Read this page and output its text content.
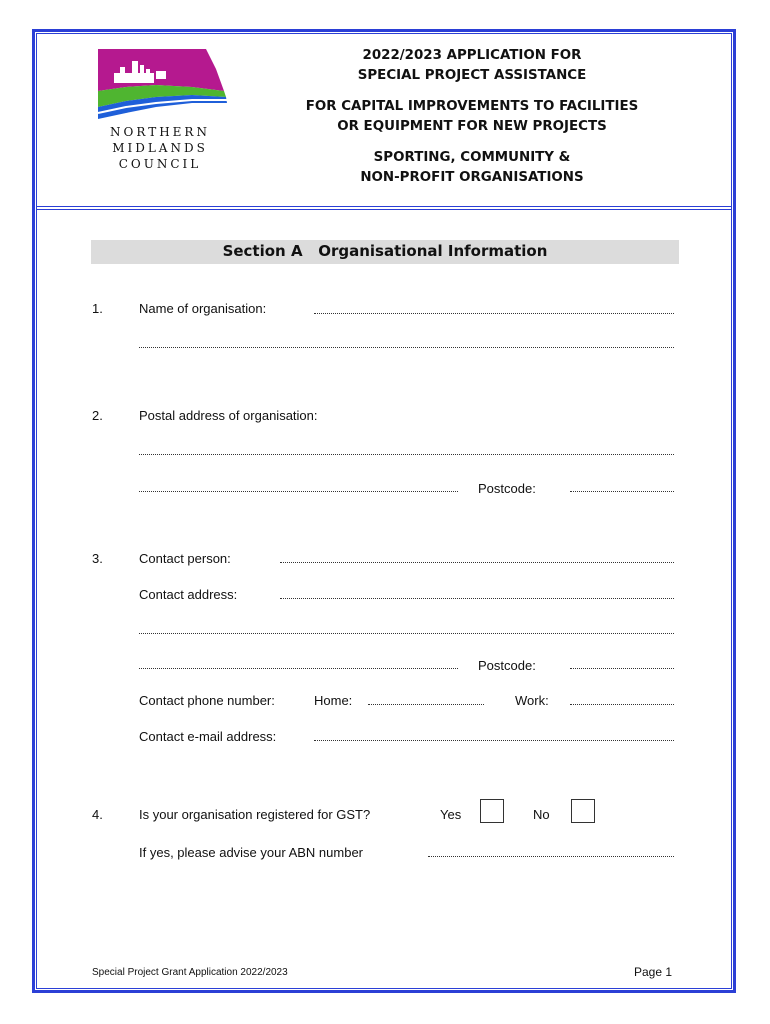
NORTHERN
MIDLANDS
COUNCIL
2022/2023 APPLICATION FOR
SPECIAL PROJECT ASSISTANCE
FOR CAPITAL IMPROVEMENTS TO FACILITIES
OR EQUIPMENT FOR NEW PROJECTS
SPORTING, COMMUNITY &
NON-PROFIT ORGANISATIONS
Section A   Organisational Information
1.	Name of organisation:
2.	Postal address of organisation:
Postcode:
3.	Contact person:
Contact address:
Postcode:
Contact phone number:	Home:	Work:
Contact e-mail address:
4.	Is your organisation registered for GST?	Yes	No
If yes, please advise your ABN number
Special Project Grant Application 2022/2023	Page 1
